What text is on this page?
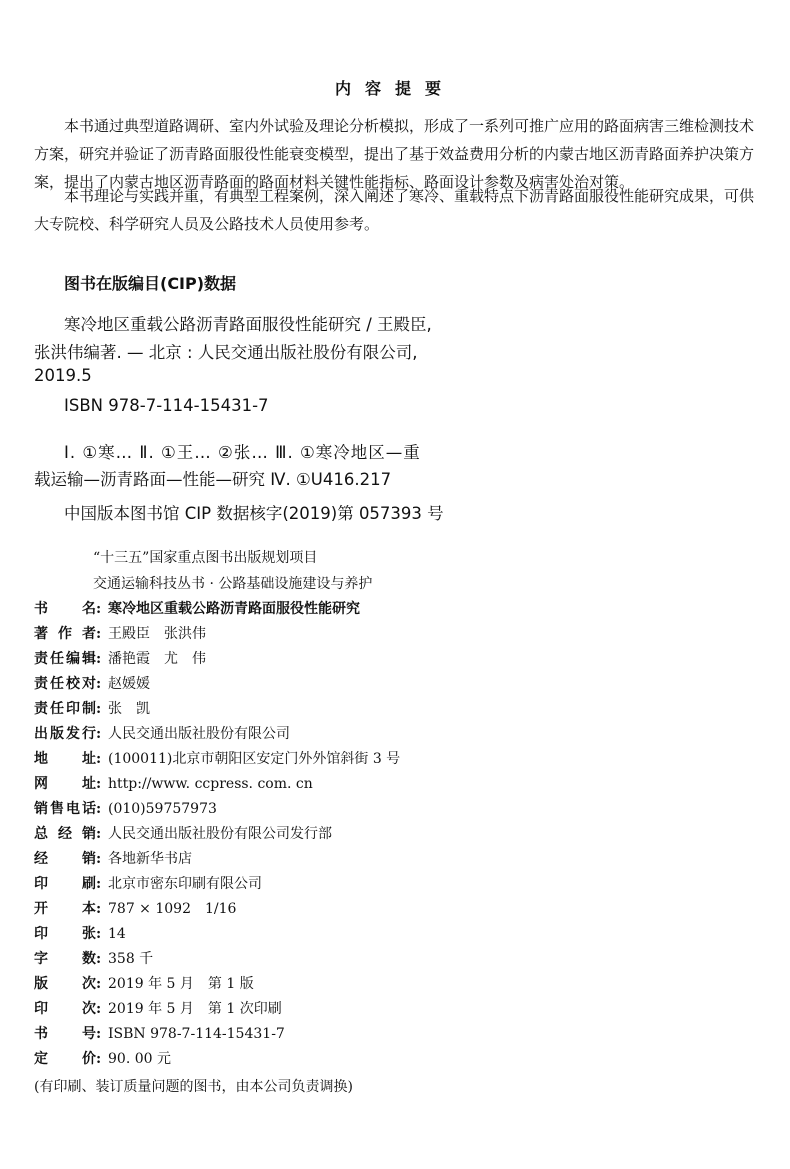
内容提要

本书通过典型道路调研、室内外试验及理论分析模拟，形成了一系列可推广应用的路面病害三维检测技术方案，研究并验证了沥青路面服役性能衰变模型，提出了基于效益费用分析的内蒙古地区沥青路面养护决策方案，提出了内蒙古地区沥青路面的路面材料关键性能指标、路面设计参数及病害处治对策。

本书理论与实践并重，有典型工程案例，深入阐述了寒冷、重载特点下沥青路面服役性能研究成果，可供大专院校、科学研究人员及公路技术人员使用参考。

图书在版编目(CIP)数据
寒冷地区重载公路沥青路面服役性能研究 / 王殿臣,
张洪伟编著. — 北京 : 人民交通出版社股份有限公司,
2019.5
ISBN 978-7-114-15431-7
Ⅰ. ①寒… Ⅱ. ①王… ②张… Ⅲ. ①寒冷地区—重
载运输—沥青路面—性能—研究 Ⅳ. ①U416.217
中国版本图书馆 CIP 数据核字(2019)第 057393 号
“十三五”国家重点图书出版规划项目
交通运输科技丛书 · 公路基础设施建设与养护
书名: 寒冷地区重载公路沥青路面服役性能研究
著作者: 王殿臣　张洪伟
责任编辑: 潘艳霞　尤　伟
责任校对: 赵媛媛
责任印制: 张　凯
出版发行: 人民交通出版社股份有限公司
地址: (100011)北京市朝阳区安定门外外馆斜街 3 号
网址: http://www. ccpress. com. cn
销售电话: (010)59757973
总经销: 人民交通出版社股份有限公司发行部
经销: 各地新华书店
印刷: 北京市密东印刷有限公司
开本: 787 × 1092　1/16
印张: 14
字数: 358 千
版次: 2019 年 5 月　第 1 版
印次: 2019 年 5 月　第 1 次印刷
书号: ISBN 978-7-114-15431-7
定价: 90. 00 元
(有印刷、装订质量问题的图书，由本公司负责调换)
